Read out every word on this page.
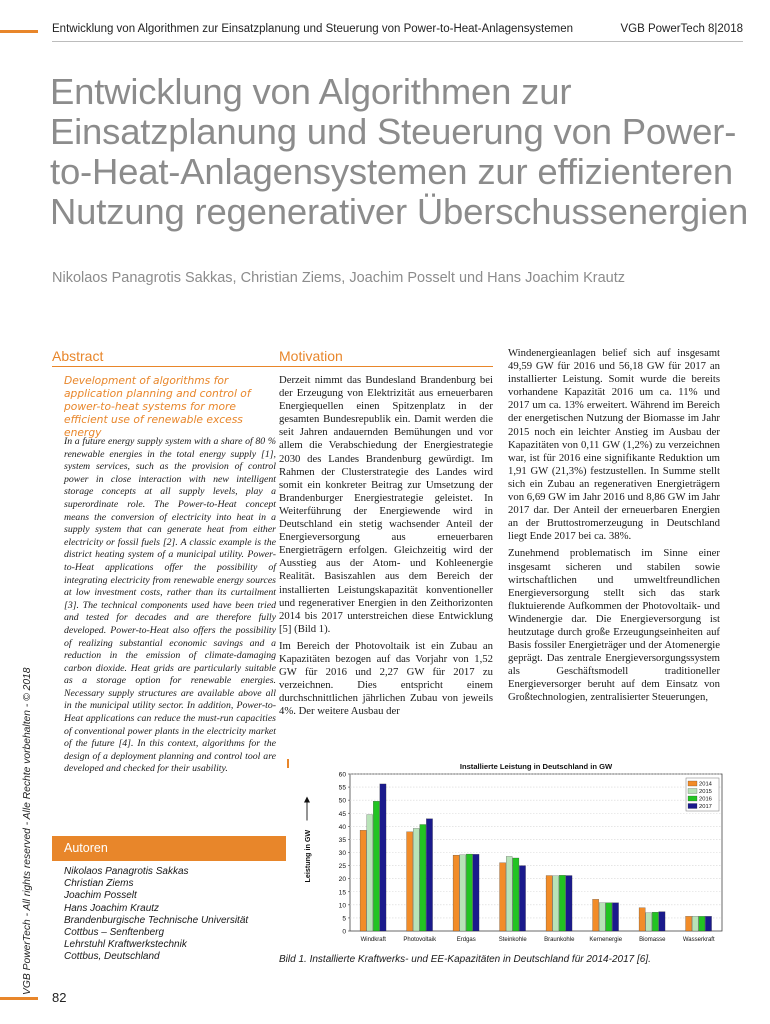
Entwicklung von Algorithmen zur Einsatzplanung und Steuerung von Power-to-Heat-Anlagensystemen	VGB PowerTech 8|2018
Entwicklung von Algorithmen zur Einsatzplanung und Steuerung von Power-to-Heat-Anlagensystemen zur effizienteren Nutzung regenerativer Überschussenergien
Nikolaos Panagrotis Sakkas, Christian Ziems, Joachim Posselt und Hans Joachim Krautz
Abstract
Development of algorithms for application planning and control of power-to-heat systems for more efficient use of renewable excess energy
In a future energy supply system with a share of 80 % renewable energies in the total energy supply [1], system services, such as the provision of control power in close interaction with new intelligent storage concepts at all supply levels, play a superordinate role. The Power-to-Heat concept means the conversion of electricity into heat in a supply system that can generate heat from either electricity or fossil fuels [2]. A classic example is the district heating system of a municipal utility. Power-to-Heat applications offer the possibility of integrating electricity from renewable energy sources at low investment costs, rather than its curtailment [3]. The technical components used have been tried and tested for decades and are therefore fully developed. Power-to-Heat also offers the possibility of realizing substantial economic savings and a reduction in the emission of climate-damaging carbon dioxide. Heat grids are particularly suitable as a storage option for renewable energies. Necessary supply structures are available above all in the municipal utility sector. In addition, Power-to-Heat applications can reduce the must-run capacities of conventional power plants in the electricity market of the future [4]. In this context, algorithms for the design of a deployment planning and control tool are developed and checked for their usability.
VGB PowerTech - All rights reserved - Alle Rechte vorbehalten - © 2018 Autoren
Nikolaos Panagrotis Sakkas
Christian Ziems
Joachim Posselt
Hans Joachim Krautz
Brandenburgische Technische Universität
Cottbus – Senftenberg
Lehrstuhl Kraftwerkstechnik
Cottbus, Deutschland
Motivation

Derzeit nimmt das Bundesland Brandenburg bei der Erzeugung von Elektrizität aus erneuerbaren Energiequellen einen Spitzenplatz in der gesamten Bundesrepublik ein. Damit werden die seit Jahren andauernden Bemühungen und vor allem die Verabschiedung der Energiestrategie 2030 des Landes Brandenburg gewürdigt. Im Rahmen der Clusterstrategie des Landes wird somit ein konkreter Beitrag zur Umsetzung der Brandenburger Energiestrategie geleistet. In Weiterführung der Energiewende wird in Deutschland ein stetig wachsender Anteil der Energieversorgung aus erneuerbaren Energieträgern erfolgen. Gleichzeitig wird der Ausstieg aus der Atom- und Kohleenergie Realität. Basiszahlen aus dem Bereich der installierten Leistungskapazität konventioneller und regenerativer Energien in den Zeithorizonten 2014 bis 2017 unterstreichen diese Entwicklung [5] (Bild 1).

Im Bereich der Photovoltaik ist ein Zubau an Kapazitäten bezogen auf das Vorjahr von 1,52 GW für 2016 und 2,27 GW für 2017 zu verzeichnen. Dies entspricht einem durchschnittlichen jährlichen Zubau von jeweils 4%. Der weitere Ausbau der

Windenergieanlagen belief sich auf insgesamt 49,59 GW für 2016 und 56,18 GW für 2017 an installierter Leistung. Somit wurde die bereits vorhandene Kapazität 2016 um ca. 11% und 2017 um ca. 13% erweitert. Während im Bereich der energetischen Nutzung der Biomasse im Jahr 2015 noch ein leichter Anstieg im Ausbau der Kapazitäten von 0,11 GW (1,2%) zu verzeichnen war, ist für 2016 eine signifikante Reduktion um 1,91 GW (21,3%) festzustellen. In Summe stellt sich ein Zubau an regenerativen Energieträgern von 6,69 GW im Jahr 2016 und 8,86 GW im Jahr 2017 dar. Der Anteil der erneuerbaren Energien an der Bruttostromerzeugung in Deutschland liegt Ende 2017 bei ca. 38%.

Zunehmend problematisch im Sinne einer insgesamt sicheren und stabilen sowie wirtschaftlichen und umweltfreundlichen Energieversorgung stellt sich das stark fluktuierende Aufkommen der Photovoltaik- und Windenergie dar. Die Energieversorgung ist heutzutage durch große Erzeugungseinheiten auf Basis fossiler Energieträger und der Atomenergie geprägt. Das zentrale Energieversorgungssystem als Geschäftsmodell traditioneller Energieversorger beruht auf dem Einsatz von Großtechnologien, zentralisierter Steuerungen,

Installierte Leistung in Deutschland in GW
0
5
10
15
20
25
30
35
40
45
50
55
60
Leistung in GW
Windkraft	Photovoltaik	Erdgas	Steinkohle	Braunkohle Kernenergie	Biomasse	Wasserkraft
2014
2015
2016
2017
Bild 1. Installierte Kraftwerks- und EE-Kapazitäten in Deutschland für 2014-2017 [6].
82
